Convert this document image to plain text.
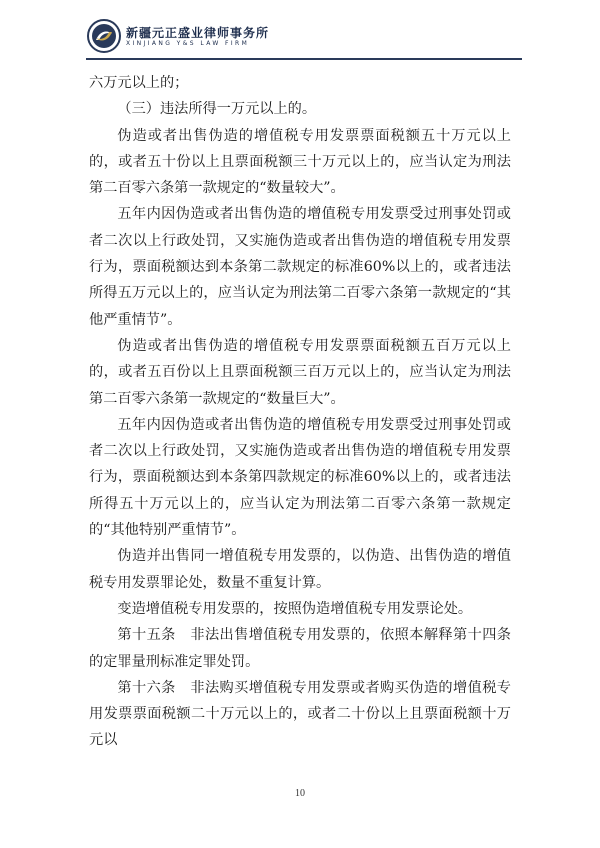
新疆元正盛业律师事务所
XINJIANG Y&S LAW FIRM

六万元以上的；

（三）违法所得一万元以上的。

伪造或者出售伪造的增值税专用发票票面税额五十万元以上的，或者五十份以上且票面税额三十万元以上的，应当认定为刑法第二百零六条第一款规定的“数量较大”。

五年内因伪造或者出售伪造的增值税专用发票受过刑事处罚或者二次以上行政处罚，又实施伪造或者出售伪造的增值税专用发票行为，票面税额达到本条第二款规定的标准60%以上的，或者违法所得五万元以上的，应当认定为刑法第二百零六条第一款规定的“其他严重情节”。

伪造或者出售伪造的增值税专用发票票面税额五百万元以上的，或者五百份以上且票面税额三百万元以上的，应当认定为刑法第二百零六条第一款规定的“数量巨大”。

五年内因伪造或者出售伪造的增值税专用发票受过刑事处罚或者二次以上行政处罚，又实施伪造或者出售伪造的增值税专用发票行为，票面税额达到本条第四款规定的标准60%以上的，或者违法所得五十万元以上的，应当认定为刑法第二百零六条第一款规定的“其他特别严重情节”。

伪造并出售同一增值税专用发票的，以伪造、出售伪造的增值税专用发票罪论处，数量不重复计算。

变造增值税专用发票的，按照伪造增值税专用发票论处。

第十五条　非法出售增值税专用发票的，依照本解释第十四条的定罪量刑标准定罪处罚。

第十六条　非法购买增值税专用发票或者购买伪造的增值税专用发票票面税额二十万元以上的，或者二十份以上且票面税额十万元以

10
